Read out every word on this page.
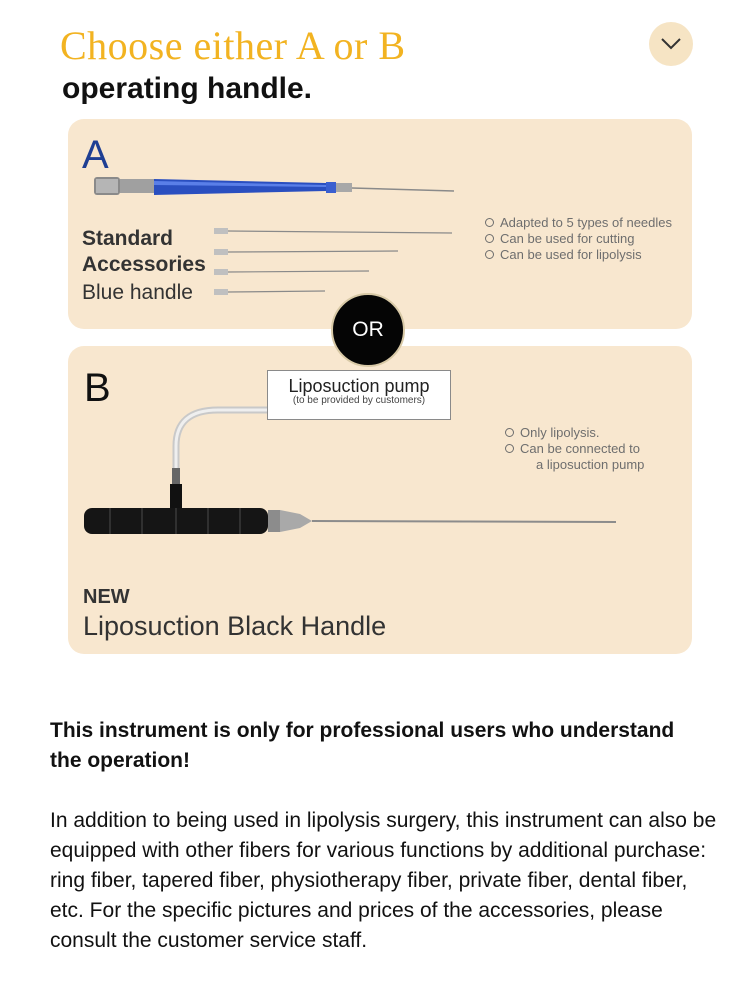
Choose either A or B
operating handle.
A
Standard
Accessories
Blue handle
Adapted to 5 types of needles
Can be used for cutting
Can be used for lipolysis
OR
B	Liposuction pump
(to be provided by customers)
Only lipolysis.
Can be connected to
a liposuction pump
NEW
Liposuction Black Handle

This instrument is only for professional users who understand the operation!

In addition to being used in lipolysis surgery, this instrument can also be equipped with other fibers for various functions by additional purchase: ring fiber, tapered fiber, physiotherapy fiber, private fiber, dental fiber, etc. For the specific pictures and prices of the accessories, please consult the customer service staff.
